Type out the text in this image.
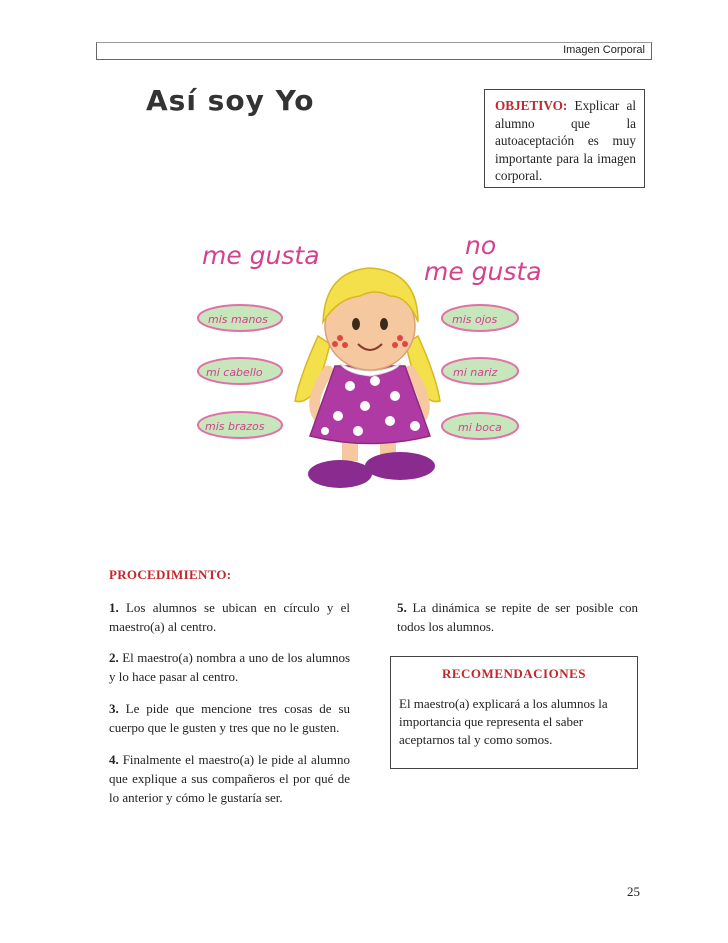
Imagen Corporal
Así soy Yo	OBJETIVO: Explicar al alumno que la autoaceptación es muy importante para la imagen corporal.
me gusta	no
me gusta
mis manos
mi cabello
mis brazos
mis ojos
mi nariz
mi boca
PROCEDIMIENTO:

1. Los alumnos se ubican en círculo y el maestro(a) al centro.

2. El maestro(a) nombra a uno de los alumnos y lo hace pasar al centro.

3. Le pide que mencione tres cosas de su cuerpo que le gusten y tres que no le gusten.

4. Finalmente el maestro(a) le pide al alumno que explique a sus compañeros el por qué de lo anterior y cómo le gustaría ser.

5. La dinámica se repite de ser posible con todos los alumnos.
RECOMENDACIONES
El maestro(a) explicará a los alumnos la importancia que representa el saber aceptarnos tal y como somos.
25
